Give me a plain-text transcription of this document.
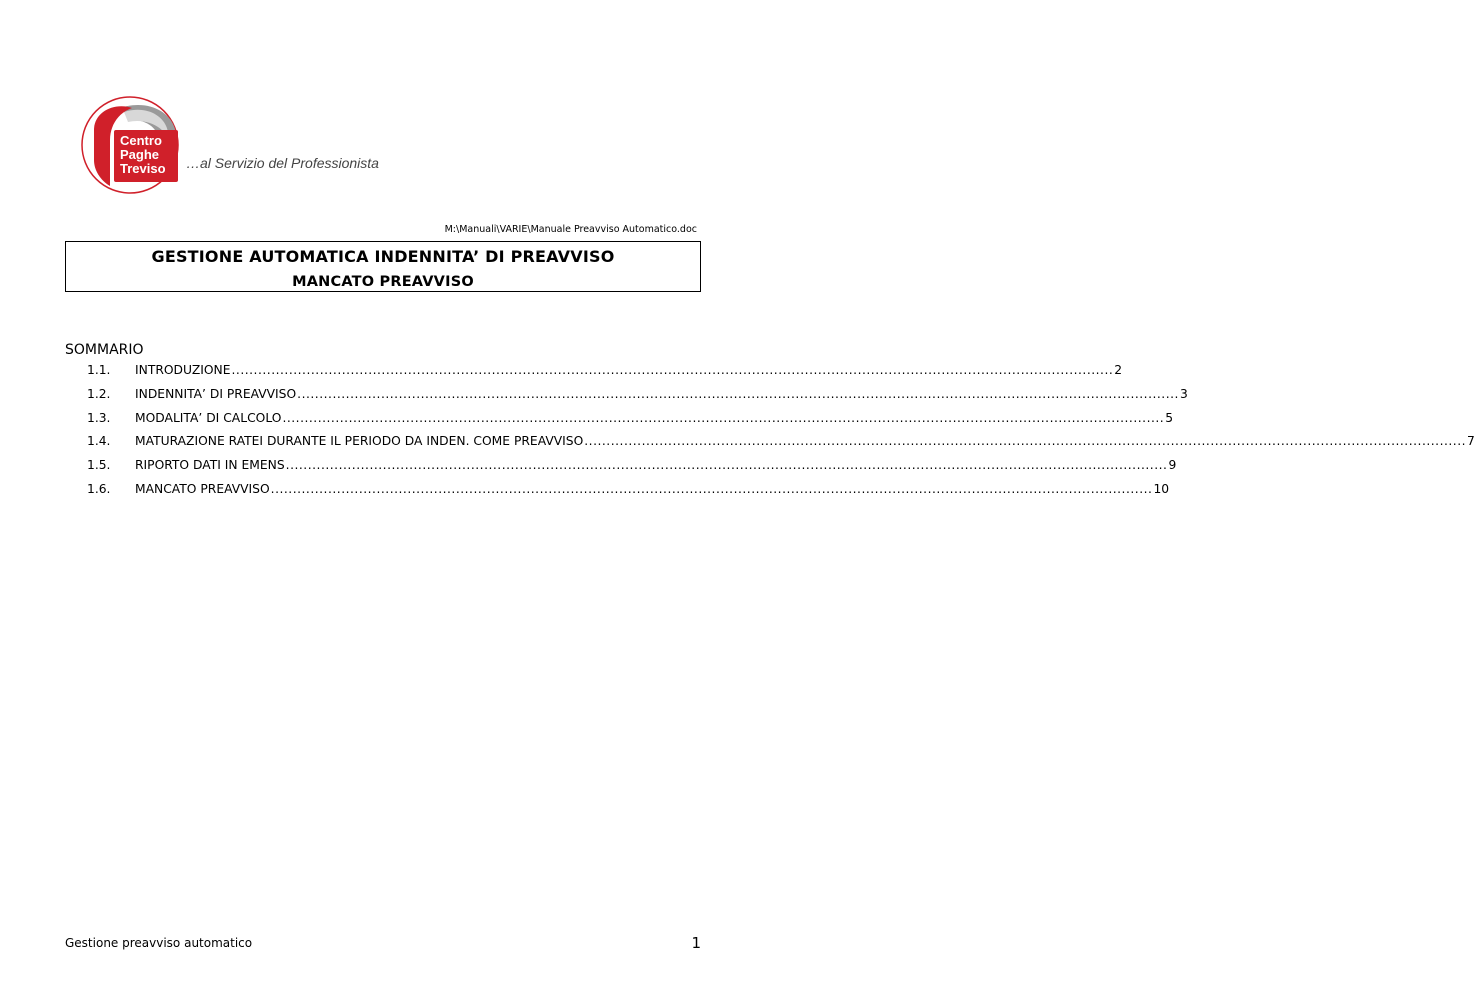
Centro
Paghe
Treviso …al Servizio del Professionista
M:\Manuali\VARIE\Manuale Preavviso Automatico.doc
GESTIONE AUTOMATICA INDENNITA’ DI PREAVVISO
MANCATO PREAVVISO
SOMMARIO
1.1.	INTRODUZIONE ........................................................................................................................................................................................................ 2
1.2.	INDENNITA’ DI PREAVVISO ........................................................................................................................................................................................................ 3
1.3.	MODALITA’ DI CALCOLO ........................................................................................................................................................................................................ 5
1.4.	MATURAZIONE RATEI DURANTE IL PERIODO DA INDEN. COME PREAVVISO ........................................................................................................................................................................................................ 7
1.5.	RIPORTO DATI IN EMENS ........................................................................................................................................................................................................ 9
1.6.	MANCATO PREAVVISO ........................................................................................................................................................................................................ 10
Gestione preavviso automatico	1
